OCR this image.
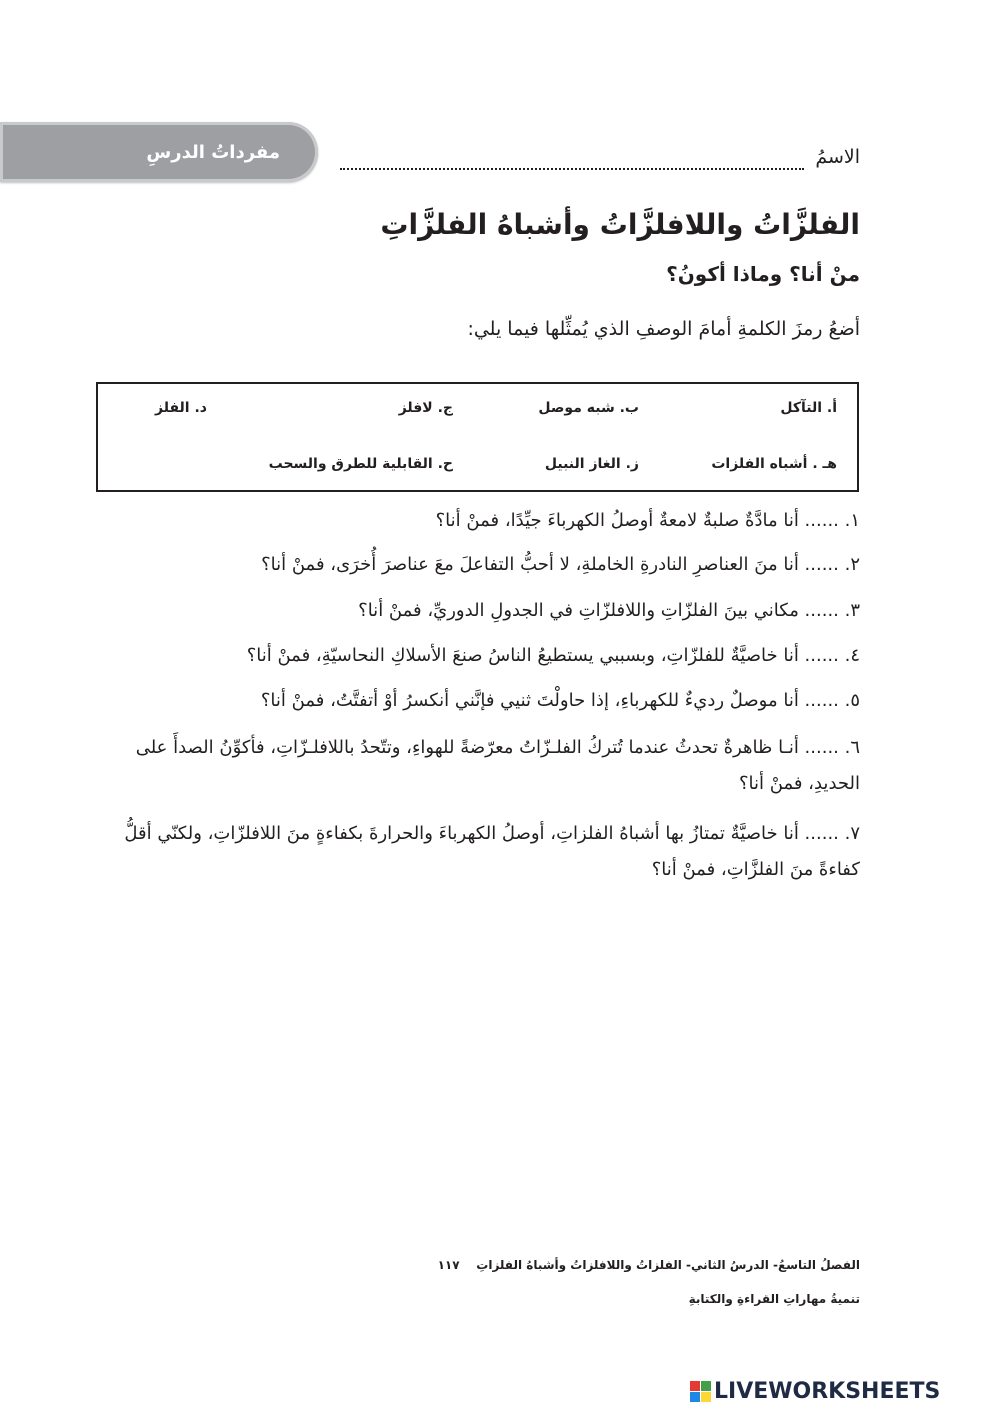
مفرداتُ الدرسِ	الاسمُ
الفلزَّاتُ واللافلزَّاتُ وأشباهُ الفلزَّاتِ
منْ أنا؟ وماذا أكونُ؟
أضعُ رمزَ الكلمةِ أمامَ الوصفِ الذي يُمثِّلها فيما يلي:
أ. التآكل
ب. شبه موصل
ج. لافلز
د. الفلز
هـ . أشباه الفلزات
ز. الغاز النبيل
ح. القابلية للطرق والسحب
١. ...... أنا مادَّةٌ صلبةٌ لامعةٌ أوصلُ الكهرباءَ جيِّدًا، فمنْ أنا؟
٢. ...... أنا منَ العناصرِ النادرةِ الخاملةِ، لا أحبُّ التفاعلَ معَ عناصرَ أُخرَى، فمنْ أنا؟
٣. ...... مكاني بينَ الفلزّاتِ واللافلزّاتِ في الجدولِ الدوريِّ، فمنْ أنا؟
٤. ...... أنا خاصيَّةٌ للفلزّاتِ، وبسببي يستطيعُ الناسُ صنعَ الأسلاكِ النحاسيّةِ، فمنْ أنا؟
٥. ...... أنا موصلٌ رديءٌ للكهرباءِ، إذا حاولْتَ ثنيي فإنَّني أنكسرُ أوْ أتفتَّتُ، فمنْ أنا؟
٦. ...... أنـا ظاهرةٌ تحدثُ عندما تُتركُ الفلـزّاتُ معرّضةً للهواءِ، وتتّحدُ باللافلـزّاتِ، فأكوِّنُ الصدأَ على الحديدِ، فمنْ أنا؟
٧. ...... أنا خاصيَّةٌ تمتازُ بها أشباهُ الفلزاتِ، أوصلُ الكهرباءَ والحرارةَ بكفاءةٍ منَ اللافلزّاتِ، ولكنّي أقلُّ كفاءةً منَ الفلزَّاتِ، فمنْ أنا؟
الفصلُ التاسعُ- الدرسُ الثاني- الفلزاتُ واللافلزاتُ وأشباهُ الفلزاتِ    ١١٧
تنميةُ مهاراتِ القراءةِ والكتابةِ
LIVEWORKSHEETS
